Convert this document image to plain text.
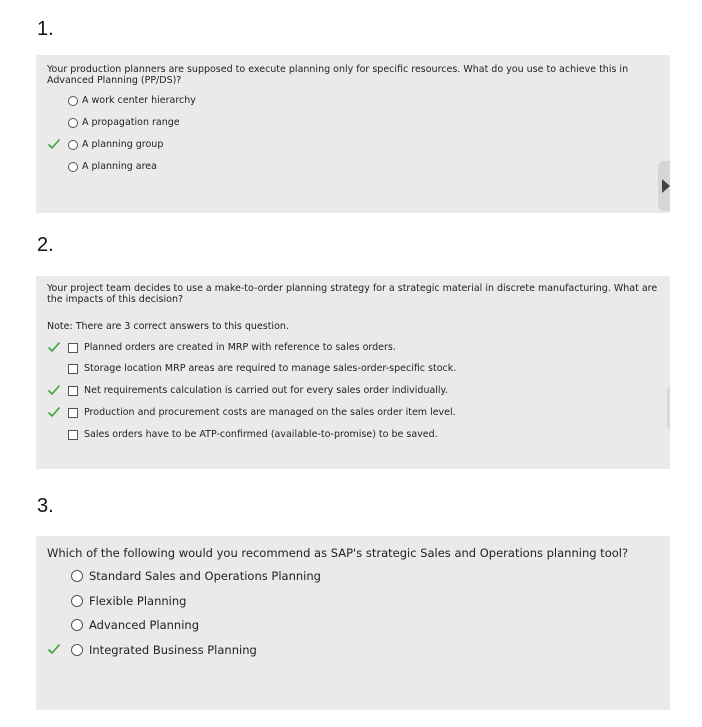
1.
Your production planners are supposed to execute planning only for specific resources. What do you use to achieve this in Advanced Planning (PP/DS)?
A work center hierarchy
A propagation range
A planning group
A planning area
2.
Your project team decides to use a make-to-order planning strategy for a strategic material in discrete manufacturing. What are the impacts of this decision?
Note: There are 3 correct answers to this question.
Planned orders are created in MRP with reference to sales orders.
Storage location MRP areas are required to manage sales-order-specific stock.
Net requirements calculation is carried out for every sales order individually.
Production and procurement costs are managed on the sales order item level.
Sales orders have to be ATP-confirmed (available-to-promise) to be saved.
3.
Which of the following would you recommend as SAP's strategic Sales and Operations planning tool?
Standard Sales and Operations Planning
Flexible Planning
Advanced Planning
Integrated Business Planning
